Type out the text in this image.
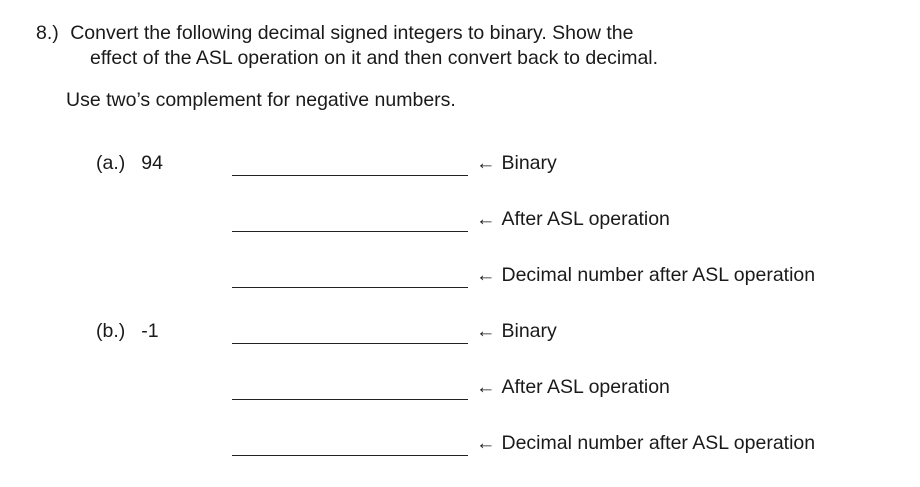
8.) Convert the following decimal signed integers to binary. Show the
effect of the ASL operation on it and then convert back to decimal.
Use two’s complement for negative numbers.
(a.) 94	← Binary
← After ASL operation
← Decimal number after ASL operation
(b.) -1	← Binary
← After ASL operation
← Decimal number after ASL operation
